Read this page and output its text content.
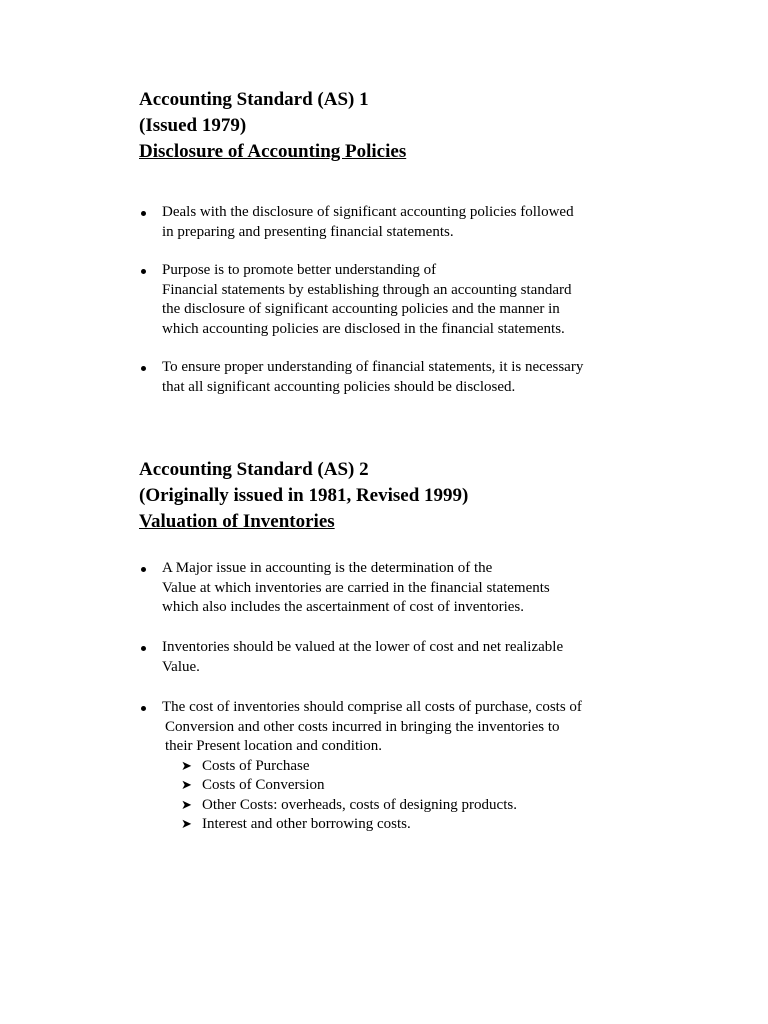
Accounting Standard (AS) 1

(Issued 1979)

Disclosure of Accounting Policies

Deals with the disclosure of significant accounting policies followed
in preparing and presenting financial statements.
Purpose is to promote better understanding of
Financial statements by establishing through an accounting standard
the disclosure of significant accounting policies and the manner in
which accounting policies are disclosed in the financial statements.
To ensure proper understanding of financial statements, it is necessary
that all significant accounting policies should be disclosed.

Accounting Standard (AS) 2

(Originally issued in 1981, Revised 1999)

Valuation of Inventories

A Major issue in accounting is the determination of the
Value at which inventories are carried in the financial statements
which also includes the ascertainment of cost of inventories.
Inventories should be valued at the lower of cost and net realizable
Value.
The cost of inventories should comprise all costs of purchase, costs of
Conversion and other costs incurred in bringing the inventories to
their Present location and condition.
➤ Costs of Purchase
➤ Costs of Conversion
➤ Other Costs: overheads, costs of designing products.
➤ Interest and other borrowing costs.
